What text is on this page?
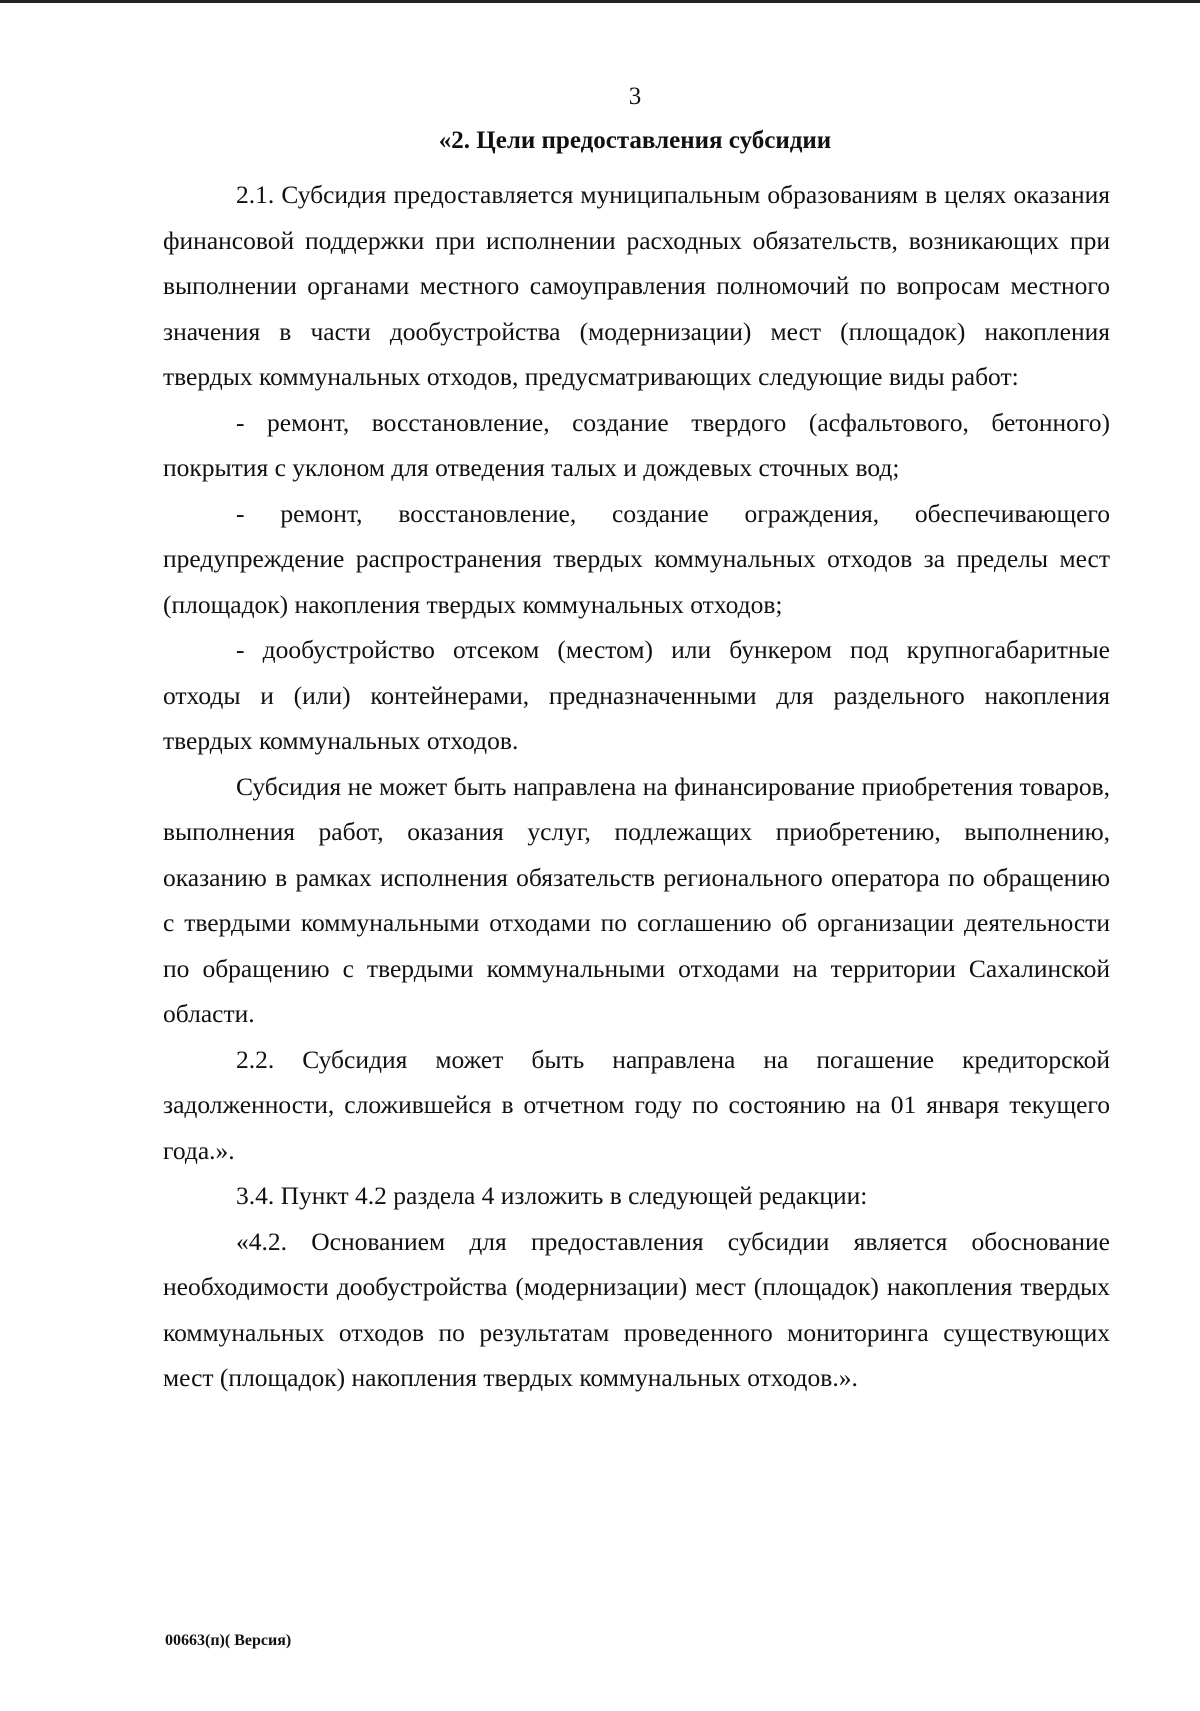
3
«2. Цели предоставления субсидии

2.1. Субсидия предоставляется муниципальным образованиям в целях оказания финансовой поддержки при исполнении расходных обязательств, возникающих при выполнении органами местного самоуправления полномочий по вопросам местного значения в части дообустройства (модернизации) мест (площадок) накопления твердых коммунальных отходов, предусматривающих следующие виды работ:

- ремонт, восстановление, создание твердого (асфальтового, бетонного) покрытия с уклоном для отведения талых и дождевых сточных вод;

- ремонт, восстановление, создание ограждения, обеспечивающего предупреждение распространения твердых коммунальных отходов за пределы мест (площадок) накопления твердых коммунальных отходов;

- дообустройство отсеком (местом) или бункером под крупногабаритные отходы и (или) контейнерами, предназначенными для раздельного накопления твердых коммунальных отходов.

Субсидия не может быть направлена на финансирование приобретения товаров, выполнения работ, оказания услуг, подлежащих приобретению, выполнению, оказанию в рамках исполнения обязательств регионального оператора по обращению с твердыми коммунальными отходами по соглашению об организации деятельности по обращению с твердыми коммунальными отходами на территории Сахалинской области.

2.2. Субсидия может быть направлена на погашение кредиторской задолженности, сложившейся в отчетном году по состоянию на 01 января текущего года.».

3.4. Пункт 4.2 раздела 4 изложить в следующей редакции:

«4.2. Основанием для предоставления субсидии является обоснование необходимости дообустройства (модернизации) мест (площадок) накопления твердых коммунальных отходов по результатам проведенного мониторинга существующих мест (площадок) накопления твердых коммунальных отходов.».

00663(п)( Версия)
